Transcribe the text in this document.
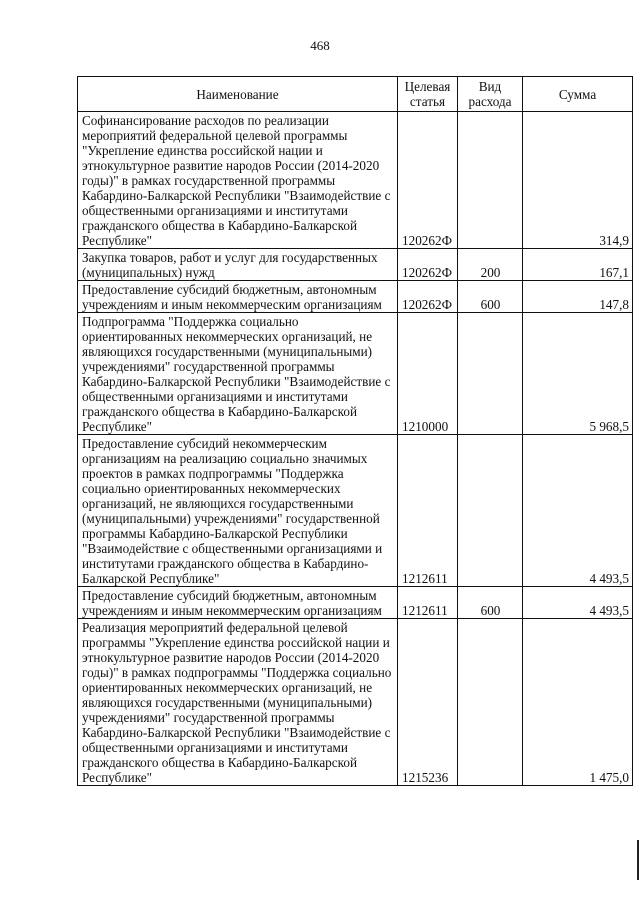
468
Наименование	Целевая статья	Вид расхода	Сумма
Софинансирование расходов по реализации мероприятий федеральной целевой программы "Укрепление единства российской нации и этнокультурное развитие народов России (2014-2020 годы)" в рамках государственной программы Кабардино-Балкарской Республики "Взаимодействие с общественными организациями и институтами гражданского общества в Кабардино-Балкарской Республике"	120262Ф		314,9
Закупка товаров, работ и услуг для государственных (муниципальных) нужд	120262Ф	200	167,1
Предоставление субсидий бюджетным, автономным учреждениям и иным некоммерческим организациям	120262Ф	600	147,8
Подпрограмма "Поддержка социально ориентированных некоммерческих организаций, не являющихся государственными (муниципальными) учреждениями" государственной программы Кабардино-Балкарской Республики "Взаимодействие с общественными организациями и институтами гражданского общества в Кабардино-Балкарской Республике"	1210000		5 968,5
Предоставление субсидий некоммерческим организациям на реализацию социально значимых проектов в рамках подпрограммы "Поддержка социально ориентированных некоммерческих организаций, не являющихся государственными (муниципальными) учреждениями" государственной программы Кабардино-Балкарской Республики "Взаимодействие с общественными организациями и институтами гражданского общества в Кабардино-Балкарской Республике"	1212611		4 493,5
Предоставление субсидий бюджетным, автономным учреждениям и иным некоммерческим организациям	1212611	600	4 493,5
Реализация мероприятий федеральной целевой программы "Укрепление единства российской нации и этнокультурное развитие народов России (2014-2020 годы)" в рамках подпрограммы "Поддержка социально ориентированных некоммерческих организаций, не являющихся государственными (муниципальными) учреждениями" государственной программы Кабардино-Балкарской Республики "Взаимодействие с общественными организациями и институтами гражданского общества в Кабардино-Балкарской Республике"	1215236		1 475,0
